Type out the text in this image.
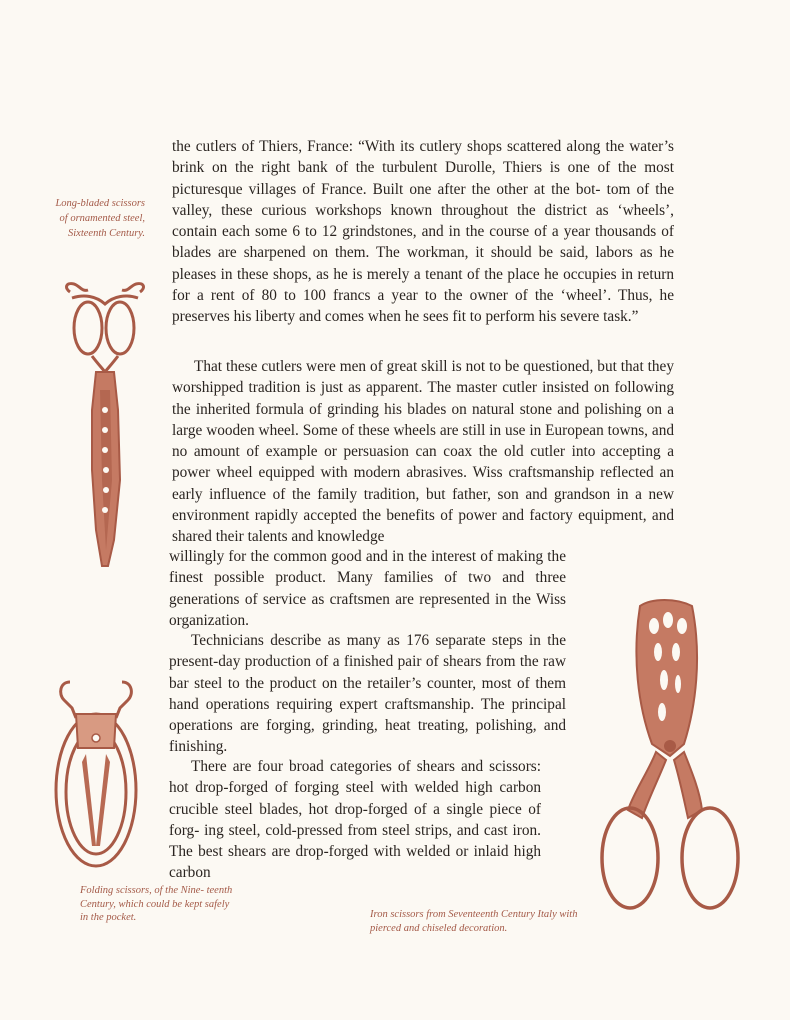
Long-bladed scissors of ornamented steel, Sixteenth Century.

Folding scissors, of the Nine- teenth Century, which could be kept safely in the pocket.	Iron scissors from Seventeenth Century Italy with pierced and chiseled decoration.

the cutlers of Thiers, France: “With its cutlery shops scattered along the water’s brink on the right bank of the turbulent Durolle, Thiers is one of the most picturesque villages of France. Built one after the other at the bot- tom of the valley, these curious workshops known throughout the district as ‘wheels’, contain each some 6 to 12 grindstones, and in the course of a year thousands of blades are sharpened on them. The workman, it should be said, labors as he pleases in these shops, as he is merely a tenant of the place he occupies in return for a rent of 80 to 100 francs a year to the owner of the ‘wheel’. Thus, he preserves his liberty and comes when he sees fit to perform his severe task.”

That these cutlers were men of great skill is not to be questioned, but that they worshipped tradition is just as apparent. The master cutler insisted on following the inherited formula of grinding his blades on natural stone and polishing on a large wooden wheel. Some of these wheels are still in use in European towns, and no amount of example or persuasion can coax the old cutler into accepting a power wheel equipped with modern abrasives. Wiss craftsmanship reflected an early influence of the family tradition, but father, son and grandson in a new environment rapidly accepted the benefits of power and factory equipment, and shared their talents and knowledge

willingly for the common good and in the interest of making the finest possible product. Many families of two and three generations of service as craftsmen are represented in the Wiss organization.

Technicians describe as many as 176 separate steps in the present-day production of a finished pair of shears from the raw bar steel to the product on the retailer’s counter, most of them hand operations requiring expert craftsmanship. The principal operations are forging, grinding, heat treating, polishing, and finishing.

There are four broad categories of shears and scissors: hot drop-forged of forging steel with welded high carbon crucible steel blades, hot drop-forged of a single piece of forg- ing steel, cold-pressed from steel strips, and cast iron. The best shears are drop-forged with welded or inlaid high carbon
